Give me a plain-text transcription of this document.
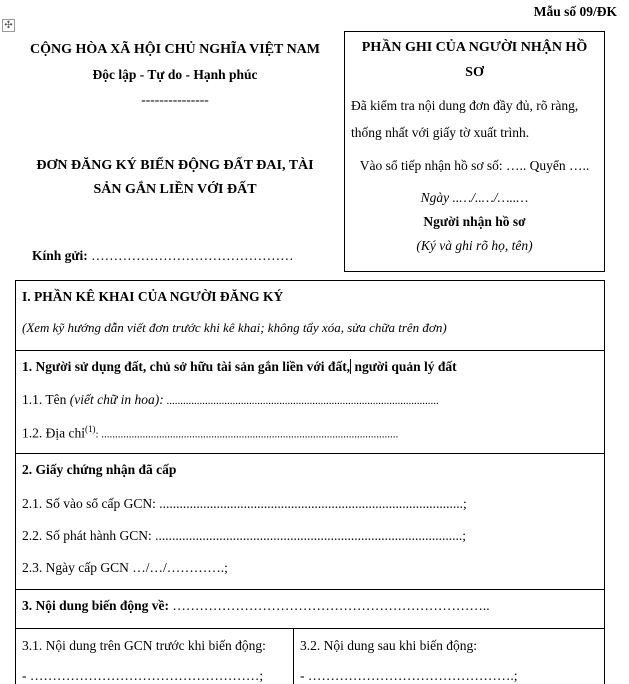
✣
Mẫu số 09/ĐK
CỘNG HÒA XÃ HỘI CHỦ NGHĨA VIỆT NAM
Độc lập - Tự do - Hạnh phúc
---------------
ĐƠN ĐĂNG KÝ BIẾN ĐỘNG ĐẤT ĐAI, TÀI
SẢN GẮN LIỀN VỚI ĐẤT
Kính gửi: ………………………………………
PHẦN GHI CỦA NGƯỜI NHẬN HỒ
SƠ
Đã kiểm tra nội dung đơn đầy đủ, rõ ràng,
thống nhất với giấy tờ xuất trình.
Vào sổ tiếp nhận hồ sơ số: ….. Quyển …..
Ngày ..…/..…/…..…
Người nhận hồ sơ
(Ký và ghi rõ họ, tên)
I. PHẦN KÊ KHAI CỦA NGƯỜI ĐĂNG KÝ
(Xem kỹ hướng dẫn viết đơn trước khi kê khai; không tẩy xóa, sửa chữa trên đơn)
1. Người sử dụng đất, chủ sở hữu tài sản gắn liền với đất, người quản lý đất
1.1. Tên (viết chữ in hoa): ...................................................................................................
1.2. Địa chỉ$^{(1)}$: ............................................................................................................
2. Giấy chứng nhận đã cấp
2.1. Số vào sổ cấp GCN: ..........................................................................................;
2.2. Số phát hành GCN: ...........................................................................................;
2.3. Ngày cấp GCN …/…/………….;
3. Nội dung biến động về: ……………………………………………………………..
3.1. Nội dung trên GCN trước khi biến động:
- ……………………………………………;
3.2. Nội dung sau khi biến động:
- ……………………………………….;
